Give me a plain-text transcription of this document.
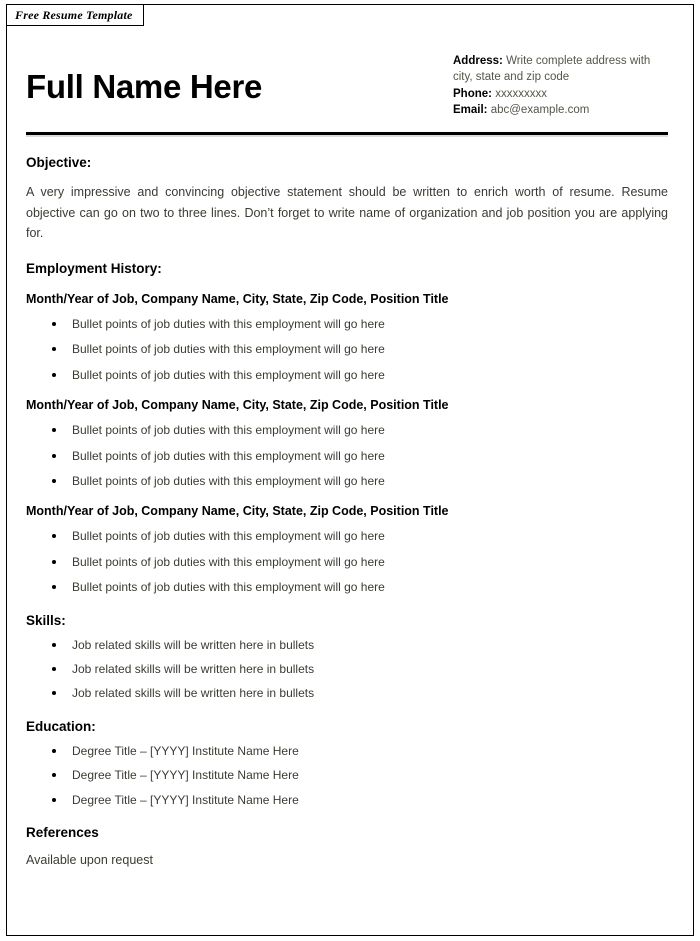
Free Resume Template
Full Name Here
Address: Write complete address with city, state and zip code
Phone: xxxxxxxxx
Email: abc@example.com
Objective:
A very impressive and convincing objective statement should be written to enrich worth of resume. Resume objective can go on two to three lines. Don’t forget to write name of organization and job position you are applying for.
Employment History:
Month/Year of Job, Company Name, City, State, Zip Code, Position Title
Bullet points of job duties with this employment will go here
Bullet points of job duties with this employment will go here
Bullet points of job duties with this employment will go here
Month/Year of Job, Company Name, City, State, Zip Code, Position Title
Bullet points of job duties with this employment will go here
Bullet points of job duties with this employment will go here
Bullet points of job duties with this employment will go here
Month/Year of Job, Company Name, City, State, Zip Code, Position Title
Bullet points of job duties with this employment will go here
Bullet points of job duties with this employment will go here
Bullet points of job duties with this employment will go here
Skills:
Job related skills will be written here in bullets
Job related skills will be written here in bullets
Job related skills will be written here in bullets
Education:
Degree Title – [YYYY] Institute Name Here
Degree Title – [YYYY] Institute Name Here
Degree Title – [YYYY] Institute Name Here
References
Available upon request
